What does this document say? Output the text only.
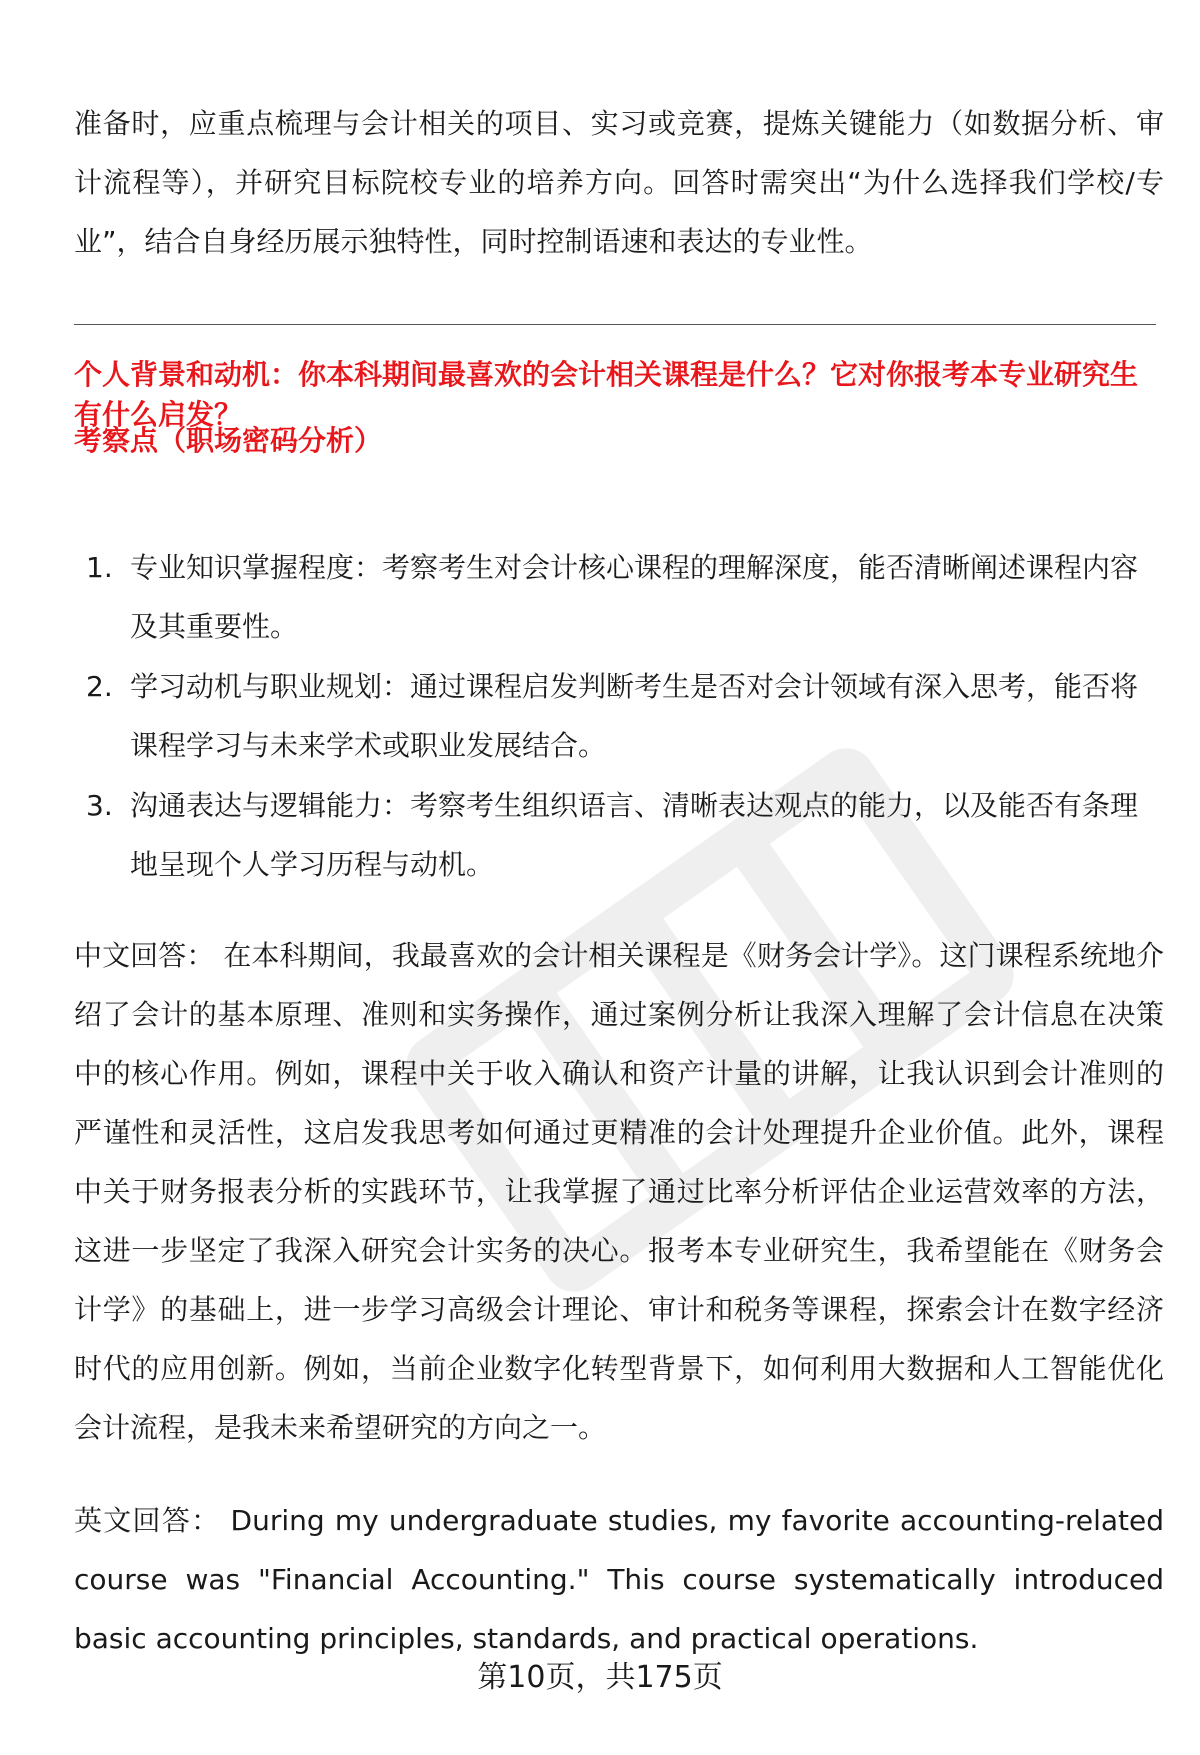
准备时，应重点梳理与会计相关的项目、实习或竞赛，提炼关键能力（如数据分析、审计流程等），并研究目标院校专业的培养方向。回答时需突出“为什么选择我们学校/专业”，结合自身经历展示独特性，同时控制语速和表达的专业性。

个人背景和动机：你本科期间最喜欢的会计相关课程是什么？它对你报考本专业研究生有什么启发？

考察点（职场密码分析）

1. 专业知识掌握程度：考察考生对会计核心课程的理解深度，能否清晰阐述课程内容及其重要性。
2. 学习动机与职业规划：通过课程启发判断考生是否对会计领域有深入思考，能否将课程学习与未来学术或职业发展结合。
3. 沟通表达与逻辑能力：考察考生组织语言、清晰表达观点的能力，以及能否有条理地呈现个人学习历程与动机。

中文回答： 在本科期间，我最喜欢的会计相关课程是《财务会计学》。这门课程系统地介绍了会计的基本原理、准则和实务操作，通过案例分析让我深入理解了会计信息在决策中的核心作用。例如，课程中关于收入确认和资产计量的讲解，让我认识到会计准则的严谨性和灵活性，这启发我思考如何通过更精准的会计处理提升企业价值。此外，课程中关于财务报表分析的实践环节，让我掌握了通过比率分析评估企业运营效率的方法，这进一步坚定了我深入研究会计实务的决心。报考本专业研究生，我希望能在《财务会计学》的基础上，进一步学习高级会计理论、审计和税务等课程，探索会计在数字经济时代的应用创新。例如，当前企业数字化转型背景下，如何利用大数据和人工智能优化会计流程，是我未来希望研究的方向之一。

英文回答： During my undergraduate studies, my favorite accounting-related course was "Financial Accounting." This course systematically introduced basic accounting principles, standards, and practical operations.

第10页，共175页
